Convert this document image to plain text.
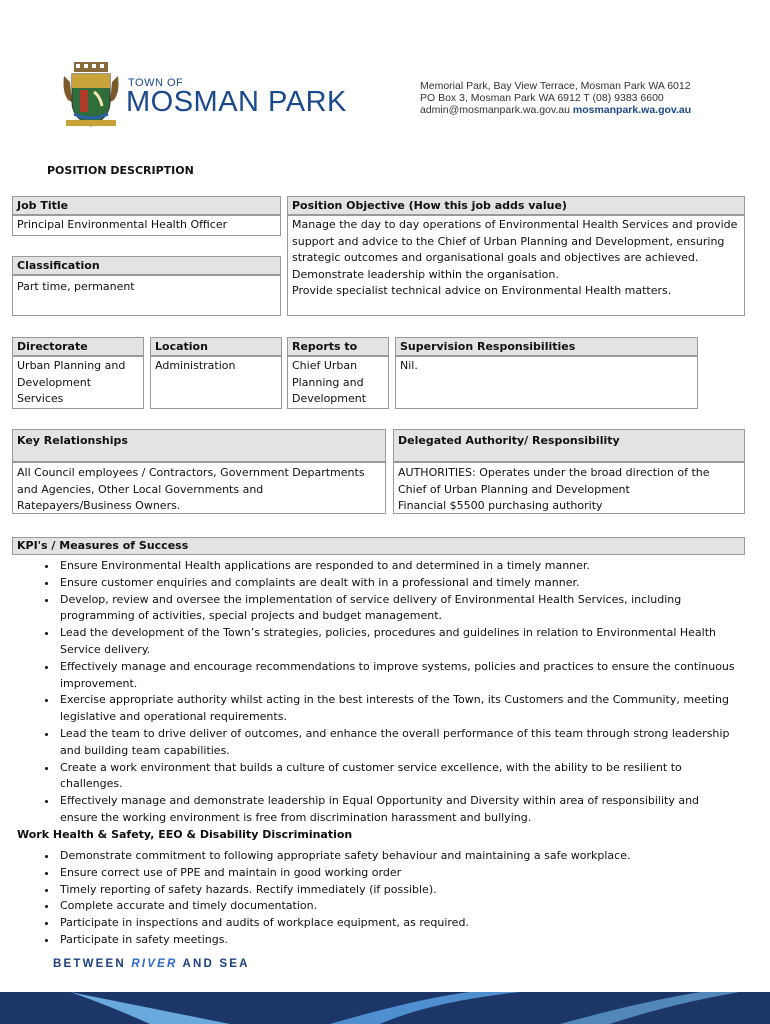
TOWN OF
MOSMAN PARK	Memorial Park, Bay View Terrace, Mosman Park WA 6012
PO Box 3, Mosman Park WA 6912 T (08) 9383 6600
admin@mosmanpark.wa.gov.au mosmanpark.wa.gov.au
POSITION DESCRIPTION
Job Title
Principal Environmental Health Officer
Classification
Part time, permanent
Position Objective (How this job adds value)

Manage the day to day operations of Environmental Health Services and provide support and advice to the Chief of Urban Planning and Development, ensuring strategic outcomes and organisational goals and objectives are achieved.

Demonstrate leadership within the organisation.

Provide specialist technical advice on Environmental Health matters.

Directorate
Urban Planning and Development Services
Location
Administration
Reports to
Chief Urban Planning and Development
Supervision Responsibilities
Nil.
Key Relationships
All Council employees / Contractors, Government Departments and Agencies, Other Local Governments and Ratepayers/Business Owners.
Delegated Authority/ Responsibility

AUTHORITIES: Operates under the broad direction of the Chief of Urban Planning and Development

Financial $5500 purchasing authority

KPI's / Measures of Success
• Ensure Environmental Health applications are responded to and determined in a timely manner.
• Ensure customer enquiries and complaints are dealt with in a professional and timely manner.
• Develop, review and oversee the implementation of service delivery of Environmental Health Services, including programming of activities, special projects and budget management.
• Lead the development of the Town’s strategies, policies, procedures and guidelines in relation to Environmental Health Service delivery.
• Effectively manage and encourage recommendations to improve systems, policies and practices to ensure the continuous improvement.
• Exercise appropriate authority whilst acting in the best interests of the Town, its Customers and the Community, meeting legislative and operational requirements.
• Lead the team to drive deliver of outcomes, and enhance the overall performance of this team through strong leadership and building team capabilities.
• Create a work environment that builds a culture of customer service excellence, with the ability to be resilient to challenges.
• Effectively manage and demonstrate leadership in Equal Opportunity and Diversity within area of responsibility and ensure the working environment is free from discrimination harassment and bullying.
Work Health & Safety, EEO & Disability Discrimination
• Demonstrate commitment to following appropriate safety behaviour and maintaining a safe workplace.
• Ensure correct use of PPE and maintain in good working order
• Timely reporting of safety hazards. Rectify immediately (if possible).
• Complete accurate and timely documentation.
• Participate in inspections and audits of workplace equipment, as required.
• Participate in safety meetings.
BETWEEN RIVER AND SEA
